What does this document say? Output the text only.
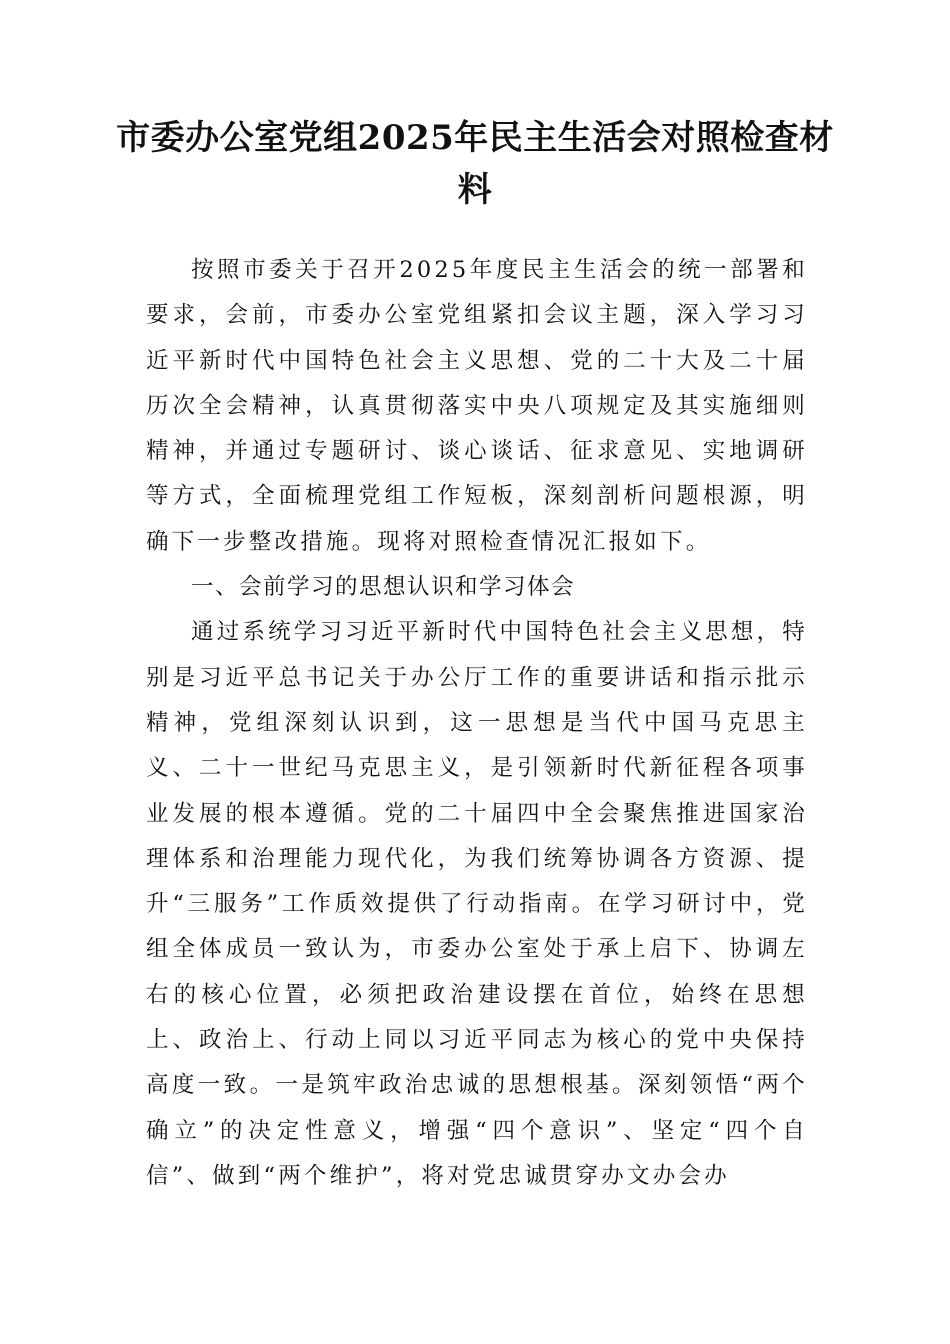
市委办公室党组2025年民主生活会对照检查材料

按照市委关于召开2025年度民主生活会的统一部署和要求，会前，市委办公室党组紧扣会议主题，深入学习习近平新时代中国特色社会主义思想、党的二十大及二十届历次全会精神，认真贯彻落实中央八项规定及其实施细则精神，并通过专题研讨、谈心谈话、征求意见、实地调研等方式，全面梳理党组工作短板，深刻剖析问题根源，明确下一步整改措施。现将对照检查情况汇报如下。

一、会前学习的思想认识和学习体会

通过系统学习习近平新时代中国特色社会主义思想，特别是习近平总书记关于办公厅工作的重要讲话和指示批示精神，党组深刻认识到，这一思想是当代中国马克思主义、二十一世纪马克思主义，是引领新时代新征程各项事业发展的根本遵循。党的二十届四中全会聚焦推进国家治理体系和治理能力现代化，为我们统筹协调各方资源、提升“三服务”工作质效提供了行动指南。在学习研讨中，党组全体成员一致认为，市委办公室处于承上启下、协调左右的核心位置，必须把政治建设摆在首位，始终在思想上、政治上、行动上同以习近平同志为核心的党中央保持高度一致。一是筑牢政治忠诚的思想根基。深刻领悟“两个确立”的决定性意义，增强“四个意识”、坚定“四个自信”、做到“两个维护”，将对党忠诚贯穿办文办会办
